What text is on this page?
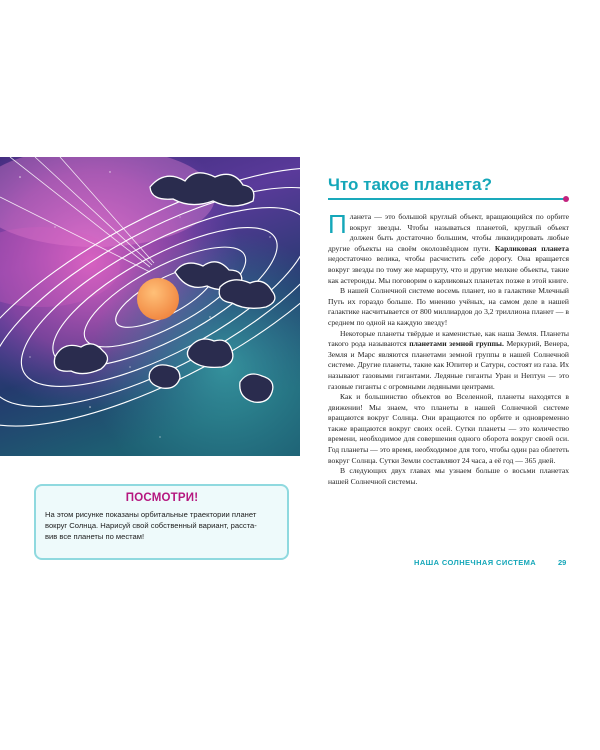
ПОСМОТРИ!

На этом рисунке показаны орбитальные траектории планет
вокруг Солнца. Нарисуй свой собственный вариант, расста-
вив все планеты по местам!

Что такое планета?

Планета — это большой круглый объект, вращающийся по орбите вокруг звезды. Чтобы называться планетой, круглый объект должен быть достаточно большим, чтобы ликвидировать любые другие объекты на своём околозвёздном пути. Карликовая планета недостаточно велика, чтобы расчистить себе дорогу. Она вращается вокруг звезды по тому же маршруту, что и другие мелкие объекты, такие как астероиды. Мы поговорим о карликовых планетах позже в этой книге.

В нашей Солнечной системе восемь планет, но в галактике Млечный Путь их гораздо больше. По мнению учёных, на самом деле в нашей галактике насчитывается от 800 миллиардов до 3,2 триллиона планет — в среднем по одной на каждую звезду!

Некоторые планеты твёрдые и каменистые, как наша Земля. Планеты такого рода называются планетами земной группы. Меркурий, Венера, Земля и Марс являются планетами земной группы в нашей Солнечной системе. Другие планеты, такие как Юпитер и Сатурн, состоят из газа. Их называют газовыми гигантами. Ледяные гиганты Уран и Нептун — это газовые гиганты с огромными ледяными центрами.

Как и большинство объектов во Вселенной, планеты находятся в движении! Мы знаем, что планеты в нашей Солнечной системе вращаются вокруг Солнца. Они вращаются по орбите и одновременно также вращаются вокруг своих осей. Сутки планеты — это количество времени, необходимое для совершения одного оборота вокруг своей оси. Год планеты — это время, необходимое для того, чтобы один раз облететь вокруг Солнца. Сутки Земли составляют 24 часа, а её год — 365 дней.

В следующих двух главах мы узнаем больше о восьми планетах нашей Солнечной системы.

НАША СОЛНЕЧНАЯ СИСТЕМА	29
